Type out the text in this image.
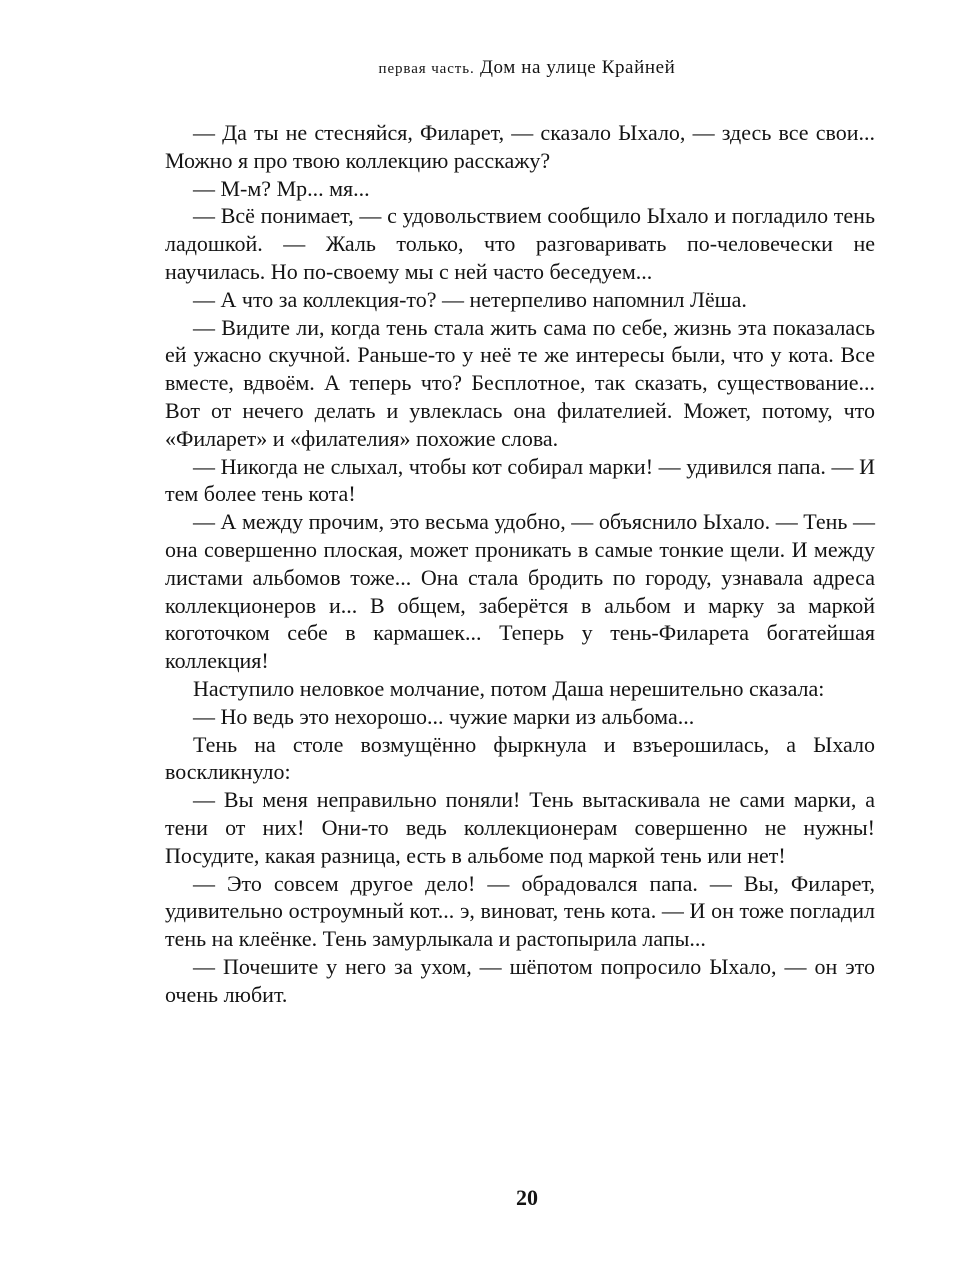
первая часть. Дом на улице Крайней

— Да ты не стесняйся, Филарет, — сказало Ыхало, — здесь все свои... Можно я про твою коллекцию расскажу?

— М-м? Мр... мя...

— Всё понимает, — с удовольствием сообщило Ыхало и погладило тень ладошкой. — Жаль только, что разговаривать по-человечески не научилась. Но по-своему мы с ней часто беседуем...

— А что за коллекция-то? — нетерпеливо напомнил Лёша.

— Видите ли, когда тень стала жить сама по себе, жизнь эта показалась ей ужасно скучной. Раньше-то у неё те же интересы были, что у кота. Все вместе, вдвоём. А теперь что? Бесплотное, так сказать, существование... Вот от нечего делать и увлеклась она филателией. Может, потому, что «Филарет» и «филателия» похожие слова.

— Никогда не слыхал, чтобы кот собирал марки! — удивился папа. — И тем более тень кота!

— А между прочим, это весьма удобно, — объяснило Ыхало. — Тень — она совершенно плоская, может проникать в самые тонкие щели. И между листами альбомов тоже... Она стала бродить по городу, узнавала адреса коллекционеров и... В общем, заберётся в альбом и марку за маркой коготочком себе в кармашек... Теперь у тень-Филарета богатейшая коллекция!

Наступило неловкое молчание, потом Даша нерешительно сказала:

— Но ведь это нехорошо... чужие марки из альбома...

Тень на столе возмущённо фыркнула и взъерошилась, а Ыхало воскликнуло:

— Вы меня неправильно поняли! Тень вытаскивала не сами марки, а тени от них! Они-то ведь коллекционерам совершенно не нужны! Посудите, какая разница, есть в альбоме под маркой тень или нет!

— Это совсем другое дело! — обрадовался папа. — Вы, Филарет, удивительно остроумный кот... э, виноват, тень кота. — И он тоже погладил тень на клеёнке. Тень замурлыкала и растопырила лапы...

— Почешите у него за ухом, — шёпотом попросило Ыхало, — он это очень любит.

20
